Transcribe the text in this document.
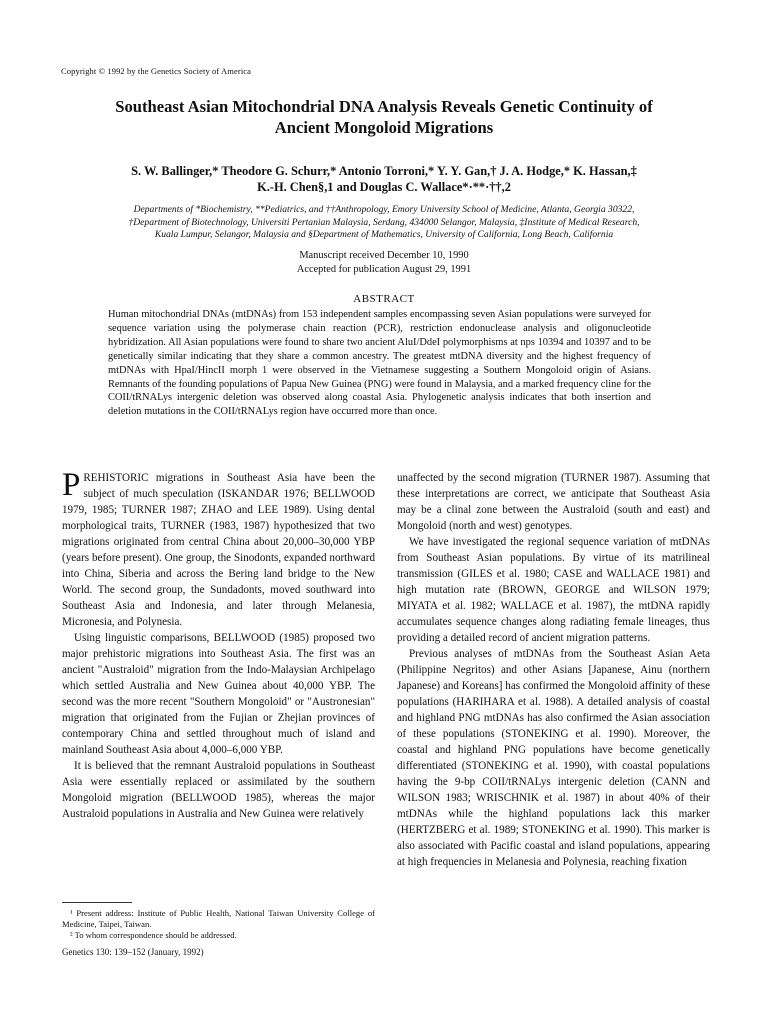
Copyright © 1992 by the Genetics Society of America
Southeast Asian Mitochondrial DNA Analysis Reveals Genetic Continuity of
Ancient Mongoloid Migrations
S. W. Ballinger,* Theodore G. Schurr,* Antonio Torroni,* Y. Y. Gan,† J. A. Hodge,* K. Hassan,‡
K.-H. Chen§,1 and Douglas C. Wallace*·**·††,2
Departments of *Biochemistry, **Pediatrics, and ††Anthropology, Emory University School of Medicine, Atlanta, Georgia 30322,
†Department of Biotechnology, Universiti Pertanian Malaysia, Serdang, 434000 Selangor, Malaysia, ‡Institute of Medical Research,
Kuala Lumpur, Selangor, Malaysia and §Department of Mathematics, University of California, Long Beach, California
Manuscript received December 10, 1990
Accepted for publication August 29, 1991
ABSTRACT
Human mitochondrial DNAs (mtDNAs) from 153 independent samples encompassing seven Asian populations were surveyed for sequence variation using the polymerase chain reaction (PCR), restriction endonuclease analysis and oligonucleotide hybridization. All Asian populations were found to share two ancient AluI/DdeI polymorphisms at nps 10394 and 10397 and to be genetically similar indicating that they share a common ancestry. The greatest mtDNA diversity and the highest frequency of mtDNAs with HpaI/HincII morph 1 were observed in the Vietnamese suggesting a Southern Mongoloid origin of Asians. Remnants of the founding populations of Papua New Guinea (PNG) were found in Malaysia, and a marked frequency cline for the COII/tRNALys intergenic deletion was observed along coastal Asia. Phylogenetic analysis indicates that both insertion and deletion mutations in the COII/tRNALys region have occurred more than once.

PREHISTORIC migrations in Southeast Asia have been the subject of much speculation (ISKANDAR 1976; BELLWOOD 1979, 1985; TURNER 1987; ZHAO and LEE 1989). Using dental morphological traits, TURNER (1983, 1987) hypothesized that two migrations originated from central China about 20,000–30,000 YBP (years before present). One group, the Sinodonts, expanded northward into China, Siberia and across the Bering land bridge to the New World. The second group, the Sundadonts, moved southward into Southeast Asia and Indonesia, and later through Melanesia, Micronesia, and Polynesia.

Using linguistic comparisons, BELLWOOD (1985) proposed two major prehistoric migrations into Southeast Asia. The first was an ancient "Australoid" migration from the Indo-Malaysian Archipelago which settled Australia and New Guinea about 40,000 YBP. The second was the more recent "Southern Mongoloid" or "Austronesian" migration that originated from the Fujian or Zhejian provinces of contemporary China and settled throughout much of island and mainland Southeast Asia about 4,000–6,000 YBP.

It is believed that the remnant Australoid populations in Southeast Asia were essentially replaced or assimilated by the southern Mongoloid migration (BELLWOOD 1985), whereas the major Australoid populations in Australia and New Guinea were relatively

unaffected by the second migration (TURNER 1987). Assuming that these interpretations are correct, we anticipate that Southeast Asia may be a clinal zone between the Australoid (south and east) and Mongoloid (north and west) genotypes.

We have investigated the regional sequence variation of mtDNAs from Southeast Asian populations. By virtue of its matrilineal transmission (GILES et al. 1980; CASE and WALLACE 1981) and high mutation rate (BROWN, GEORGE and WILSON 1979; MIYATA et al. 1982; WALLACE et al. 1987), the mtDNA rapidly accumulates sequence changes along radiating female lineages, thus providing a detailed record of ancient migration patterns.

Previous analyses of mtDNAs from the Southeast Asian Aeta (Philippine Negritos) and other Asians [Japanese, Ainu (northern Japanese) and Koreans] has confirmed the Mongoloid affinity of these populations (HARIHARA et al. 1988). A detailed analysis of coastal and highland PNG mtDNAs has also confirmed the Asian association of these populations (STONEKING et al. 1990). Moreover, the coastal and highland PNG populations have become genetically differentiated (STONEKING et al. 1990), with coastal populations having the 9-bp COII/tRNALys intergenic deletion (CANN and WILSON 1983; WRISCHNIK et al. 1987) in about 40% of their mtDNAs while the highland populations lack this marker (HERTZBERG et al. 1989; STONEKING et al. 1990). This marker is also associated with Pacific coastal and island populations, appearing at high frequencies in Melanesia and Polynesia, reaching fixation

¹ Present address: Institute of Public Health, National Taiwan University College of Medicine, Taipei, Taiwan.

² To whom correspondence should be addressed.

Genetics 130: 139–152 (January, 1992)
